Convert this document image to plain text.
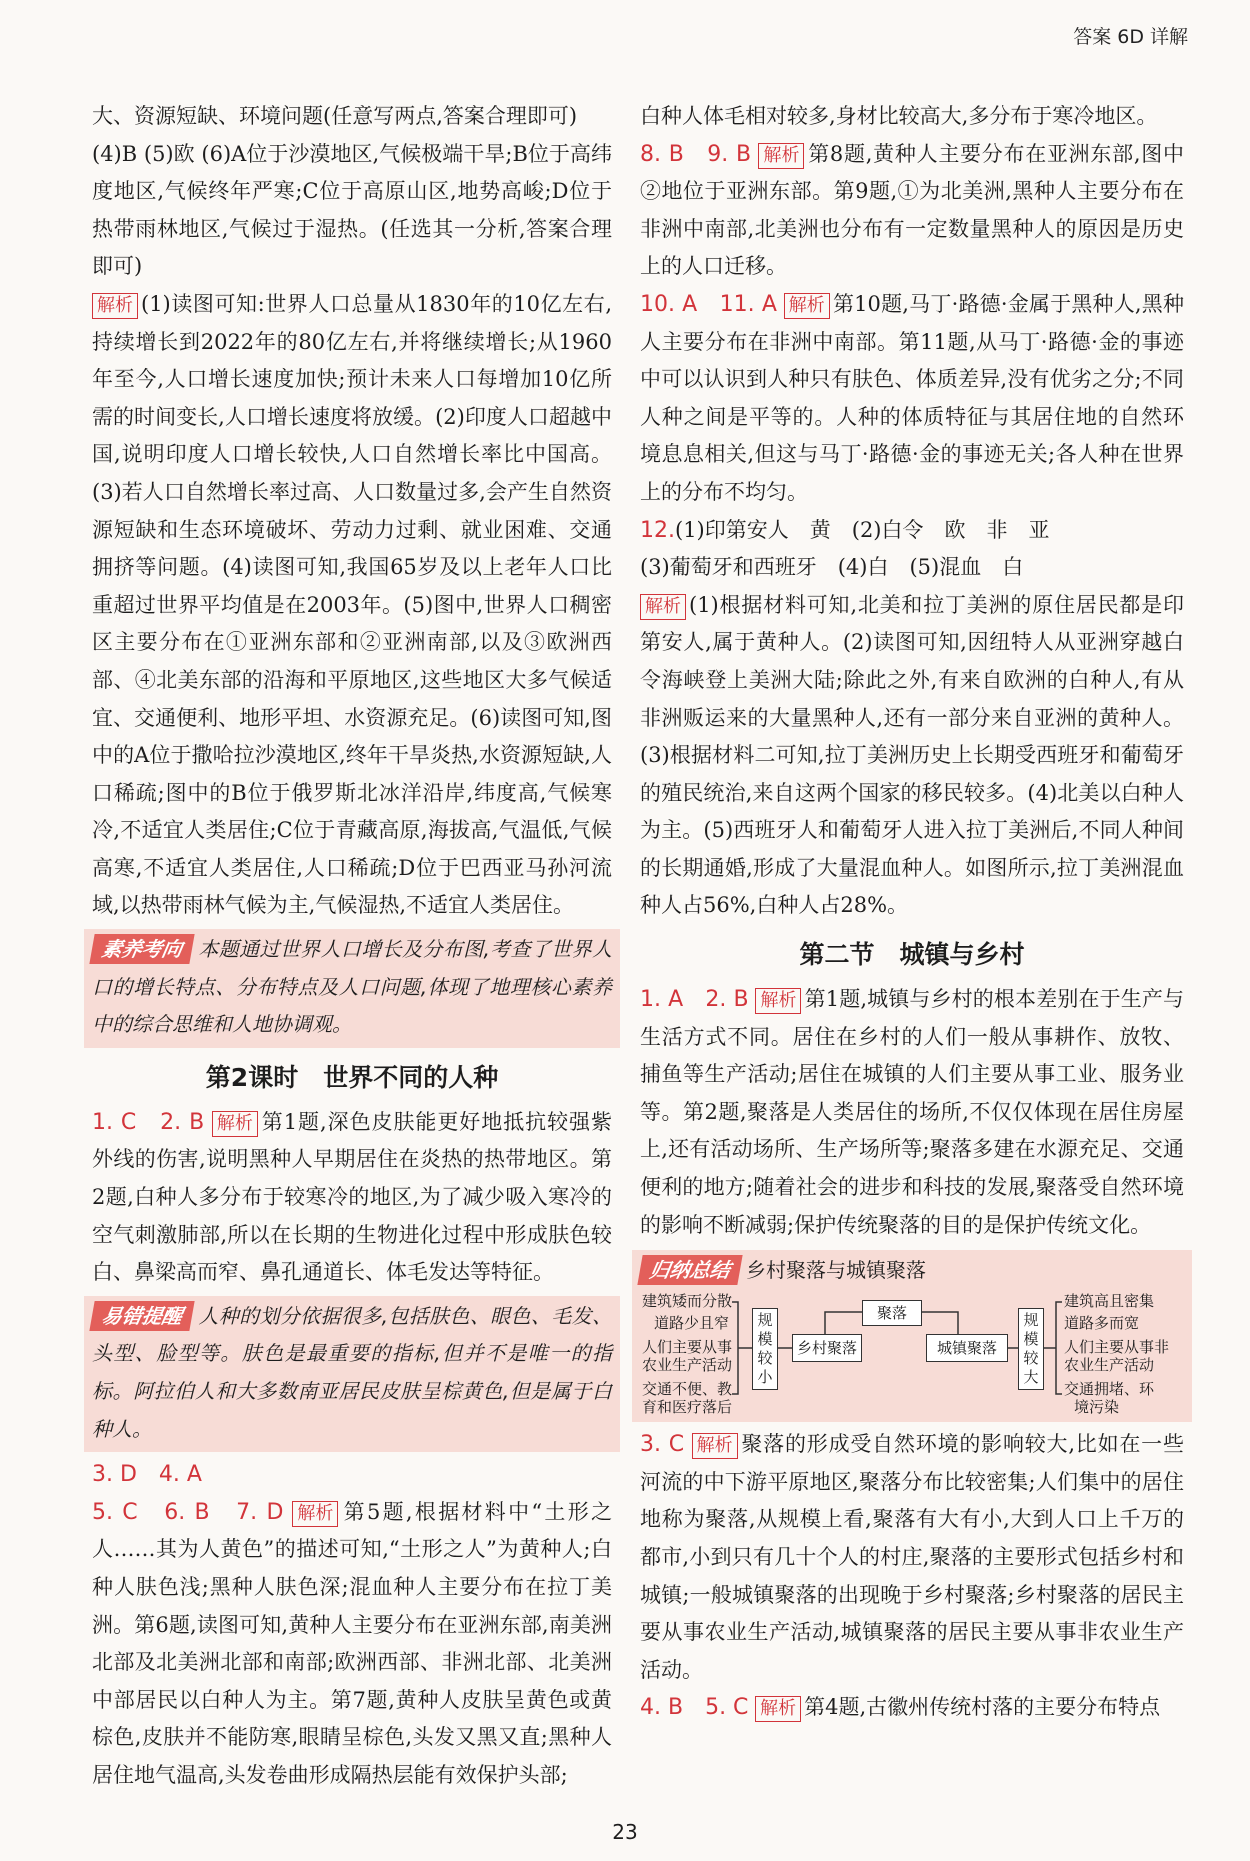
答案 6D 详解

大、资源短缺、环境问题(任意写两点,答案合理即可)

(4)B (5)欧 (6)A位于沙漠地区,气候极端干旱;B位于高纬度地区,气候终年严寒;C位于高原山区,地势高峻;D位于热带雨林地区,气候过于湿热。(任选其一分析,答案合理即可)

解析 (1)读图可知:世界人口总量从1830年的10亿左右,持续增长到2022年的80亿左右,并将继续增长;从1960年至今,人口增长速度加快;预计未来人口每增加10亿所需的时间变长,人口增长速度将放缓。(2)印度人口超越中国,说明印度人口增长较快,人口自然增长率比中国高。(3)若人口自然增长率过高、人口数量过多,会产生自然资源短缺和生态环境破坏、劳动力过剩、就业困难、交通拥挤等问题。(4)读图可知,我国65岁及以上老年人口比重超过世界平均值是在2003年。(5)图中,世界人口稠密区主要分布在①亚洲东部和②亚洲南部,以及③欧洲西部、④北美东部的沿海和平原地区,这些地区大多气候适宜、交通便利、地形平坦、水资源充足。(6)读图可知,图中的A位于撒哈拉沙漠地区,终年干旱炎热,水资源短缺,人口稀疏;图中的B位于俄罗斯北冰洋沿岸,纬度高,气候寒冷,不适宜人类居住;C位于青藏高原,海拔高,气温低,气候高寒,不适宜人类居住,人口稀疏;D位于巴西亚马孙河流域,以热带雨林气候为主,气候湿热,不适宜人类居住。

素养考向 本题通过世界人口增长及分布图,考查了世界人口的增长特点、分布特点及人口问题,体现了地理核心素养中的综合思维和人地协调观。
第2课时　世界不同的人种

1. C　2. B 解析 第1题,深色皮肤能更好地抵抗较强紫外线的伤害,说明黑种人早期居住在炎热的热带地区。第2题,白种人多分布于较寒冷的地区,为了减少吸入寒冷的空气刺激肺部,所以在长期的生物进化过程中形成肤色较白、鼻梁高而窄、鼻孔通道长、体毛发达等特征。

易错提醒 人种的划分依据很多,包括肤色、眼色、毛发、头型、脸型等。肤色是最重要的指标,但并不是唯一的指标。阿拉伯人和大多数南亚居民皮肤呈棕黄色,但是属于白种人。

3. D　4. A

5. C　6. B　7. D 解析 第5题,根据材料中“土形之人……其为人黄色”的描述可知,“土形之人”为黄种人;白种人肤色浅;黑种人肤色深;混血种人主要分布在拉丁美洲。第6题,读图可知,黄种人主要分布在亚洲东部,南美洲北部及北美洲北部和南部;欧洲西部、非洲北部、北美洲中部居民以白种人为主。第7题,黄种人皮肤呈黄色或黄棕色,皮肤并不能防寒,眼睛呈棕色,头发又黑又直;黑种人居住地气温高,头发卷曲形成隔热层能有效保护头部;

白种人体毛相对较多,身材比较高大,多分布于寒冷地区。

8. B　9. B 解析 第8题,黄种人主要分布在亚洲东部,图中②地位于亚洲东部。第9题,①为北美洲,黑种人主要分布在非洲中南部,北美洲也分布有一定数量黑种人的原因是历史上的人口迁移。

10. A　11. A 解析 第10题,马丁·路德·金属于黑种人,黑种人主要分布在非洲中南部。第11题,从马丁·路德·金的事迹中可以认识到人种只有肤色、体质差异,没有优劣之分;不同人种之间是平等的。人种的体质特征与其居住地的自然环境息息相关,但这与马丁·路德·金的事迹无关;各人种在世界上的分布不均匀。

12.(1)印第安人　黄　(2)白令　欧　非　亚

(3)葡萄牙和西班牙　(4)白　(5)混血　白

解析 (1)根据材料可知,北美和拉丁美洲的原住居民都是印第安人,属于黄种人。(2)读图可知,因纽特人从亚洲穿越白令海峡登上美洲大陆;除此之外,有来自欧洲的白种人,有从非洲贩运来的大量黑种人,还有一部分来自亚洲的黄种人。(3)根据材料二可知,拉丁美洲历史上长期受西班牙和葡萄牙的殖民统治,来自这两个国家的移民较多。(4)北美以白种人为主。(5)西班牙人和葡萄牙人进入拉丁美洲后,不同人种间的长期通婚,形成了大量混血种人。如图所示,拉丁美洲混血种人占56%,白种人占28%。

第二节　城镇与乡村

1. A　2. B 解析 第1题,城镇与乡村的根本差别在于生产与生活方式不同。居住在乡村的人们一般从事耕作、放牧、捕鱼等生产活动;居住在城镇的人们主要从事工业、服务业等。第2题,聚落是人类居住的场所,不仅仅体现在居住房屋上,还有活动场所、生产场所等;聚落多建在水源充足、交通便利的地方;随着社会的进步和科技的发展,聚落受自然环境的影响不断减弱;保护传统聚落的目的是保护传统文化。

归纳总结 乡村聚落与城镇聚落
建筑矮而分散
道路少且窄
人们主要从事
农业生产活动
交通不便、教
育和医疗落后
规模较小
乡村聚落
聚落
城镇聚落
规模较大
建筑高且密集
道路多而宽
人们主要从事非
农业生产活动
交通拥堵、环
境污染

3. C 解析 聚落的形成受自然环境的影响较大,比如在一些河流的中下游平原地区,聚落分布比较密集;人们集中的居住地称为聚落,从规模上看,聚落有大有小,大到人口上千万的都市,小到只有几十个人的村庄,聚落的主要形式包括乡村和城镇;一般城镇聚落的出现晚于乡村聚落;乡村聚落的居民主要从事农业生产活动,城镇聚落的居民主要从事非农业生产活动。

4. B　5. C 解析 第4题,古徽州传统村落的主要分布特点

23
